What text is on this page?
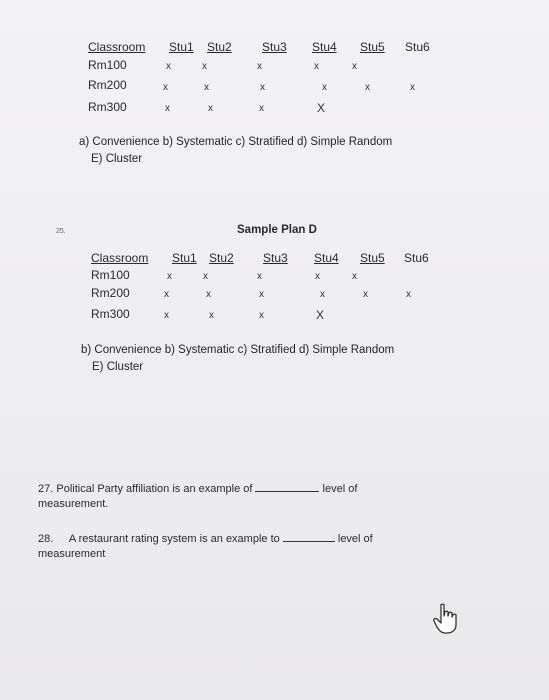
Classroom Stu1 Stu2	Stu3 Stu4 Stu5 Stu6
Rm100	x	x	x	x	x
Rm200	x	x	x	x	x	x
Rm300	x	x	x	X
a) Convenience b) Systematic c) Stratified d) Simple Random
E) Cluster
25.	Sample Plan D
Classroom Stu1 Stu2 Stu3 Stu4 Stu5 Stu6
Rm100	x	x	x	x	x
Rm200	x	x	x	x	x	x
Rm300	x	x	x	X
b) Convenience b) Systematic c) Stratified d) Simple Random
E) Cluster
27. Political Party affiliation is an example of	level of
measurement.
28. A restaurant rating system is an example to	level of
measurement
